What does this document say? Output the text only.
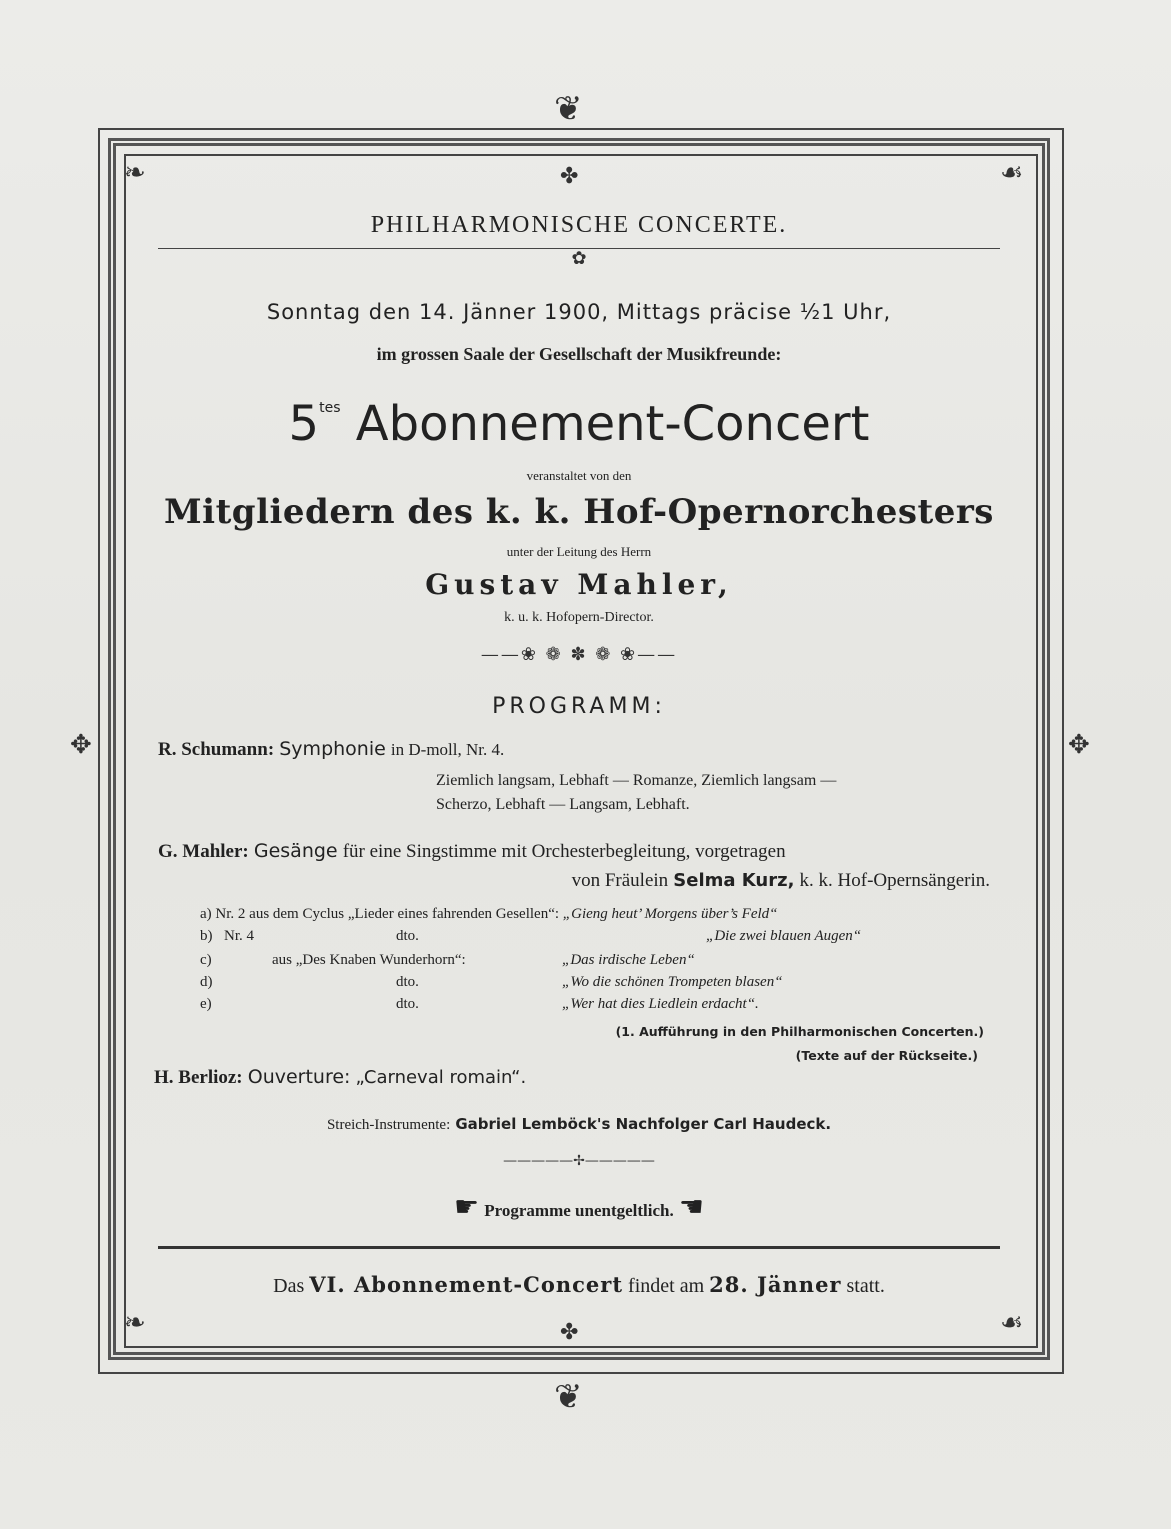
❦
✤
❧	☙
❧	☙
✥	✥
✤
❦
PHILHARMONISCHE CONCERTE.
✿
Sonntag den 14. Jänner 1900, Mittags präcise ½1 Uhr,
im grossen Saale der Gesellschaft der Musikfreunde:
$5^{tes}$ Abonnement-Concert
veranstaltet von den
Mitgliedern des k. k. Hof-Opernorchesters
unter der Leitung des Herrn
Gustav Mahler,
k. u. k. Hofopern-Director.
——❀ ❁ ✽ ❁ ❀——
PROGRAMM:
R. Schumann: Symphonie in D-moll, Nr. 4.
Ziemlich langsam, Lebhaft — Romanze, Ziemlich langsam —
Scherzo, Lebhaft — Langsam, Lebhaft.
G. Mahler: Gesänge für eine Singstimme mit Orchesterbegleitung, vorgetragen
von Fräulein Selma Kurz, k. k. Hof-Opernsängerin.
a) Nr. 2 aus dem Cyclus „Lieder eines fahrenden Gesellen“: „Gieng heut’ Morgens über’s Feld“
b) Nr. 4	dto.	„Die zwei blauen Augen“
c)	aus „Des Knaben Wunderhorn“:	„Das irdische Leben“
d)	dto.	„Wo die schönen Trompeten blasen“
e)	dto.	„Wer hat dies Liedlein erdacht“.
(1. Aufführung in den Philharmonischen Concerten.)
(Texte auf der Rückseite.)
H. Berlioz: Ouverture: „Carneval romain“.
Streich-Instrumente: Gabriel Lemböck's Nachfolger Carl Haudeck.
—————✢—————
☛ Programme unentgeltlich. ☚
Das VI. Abonnement-Concert findet am 28. Jänner statt.
